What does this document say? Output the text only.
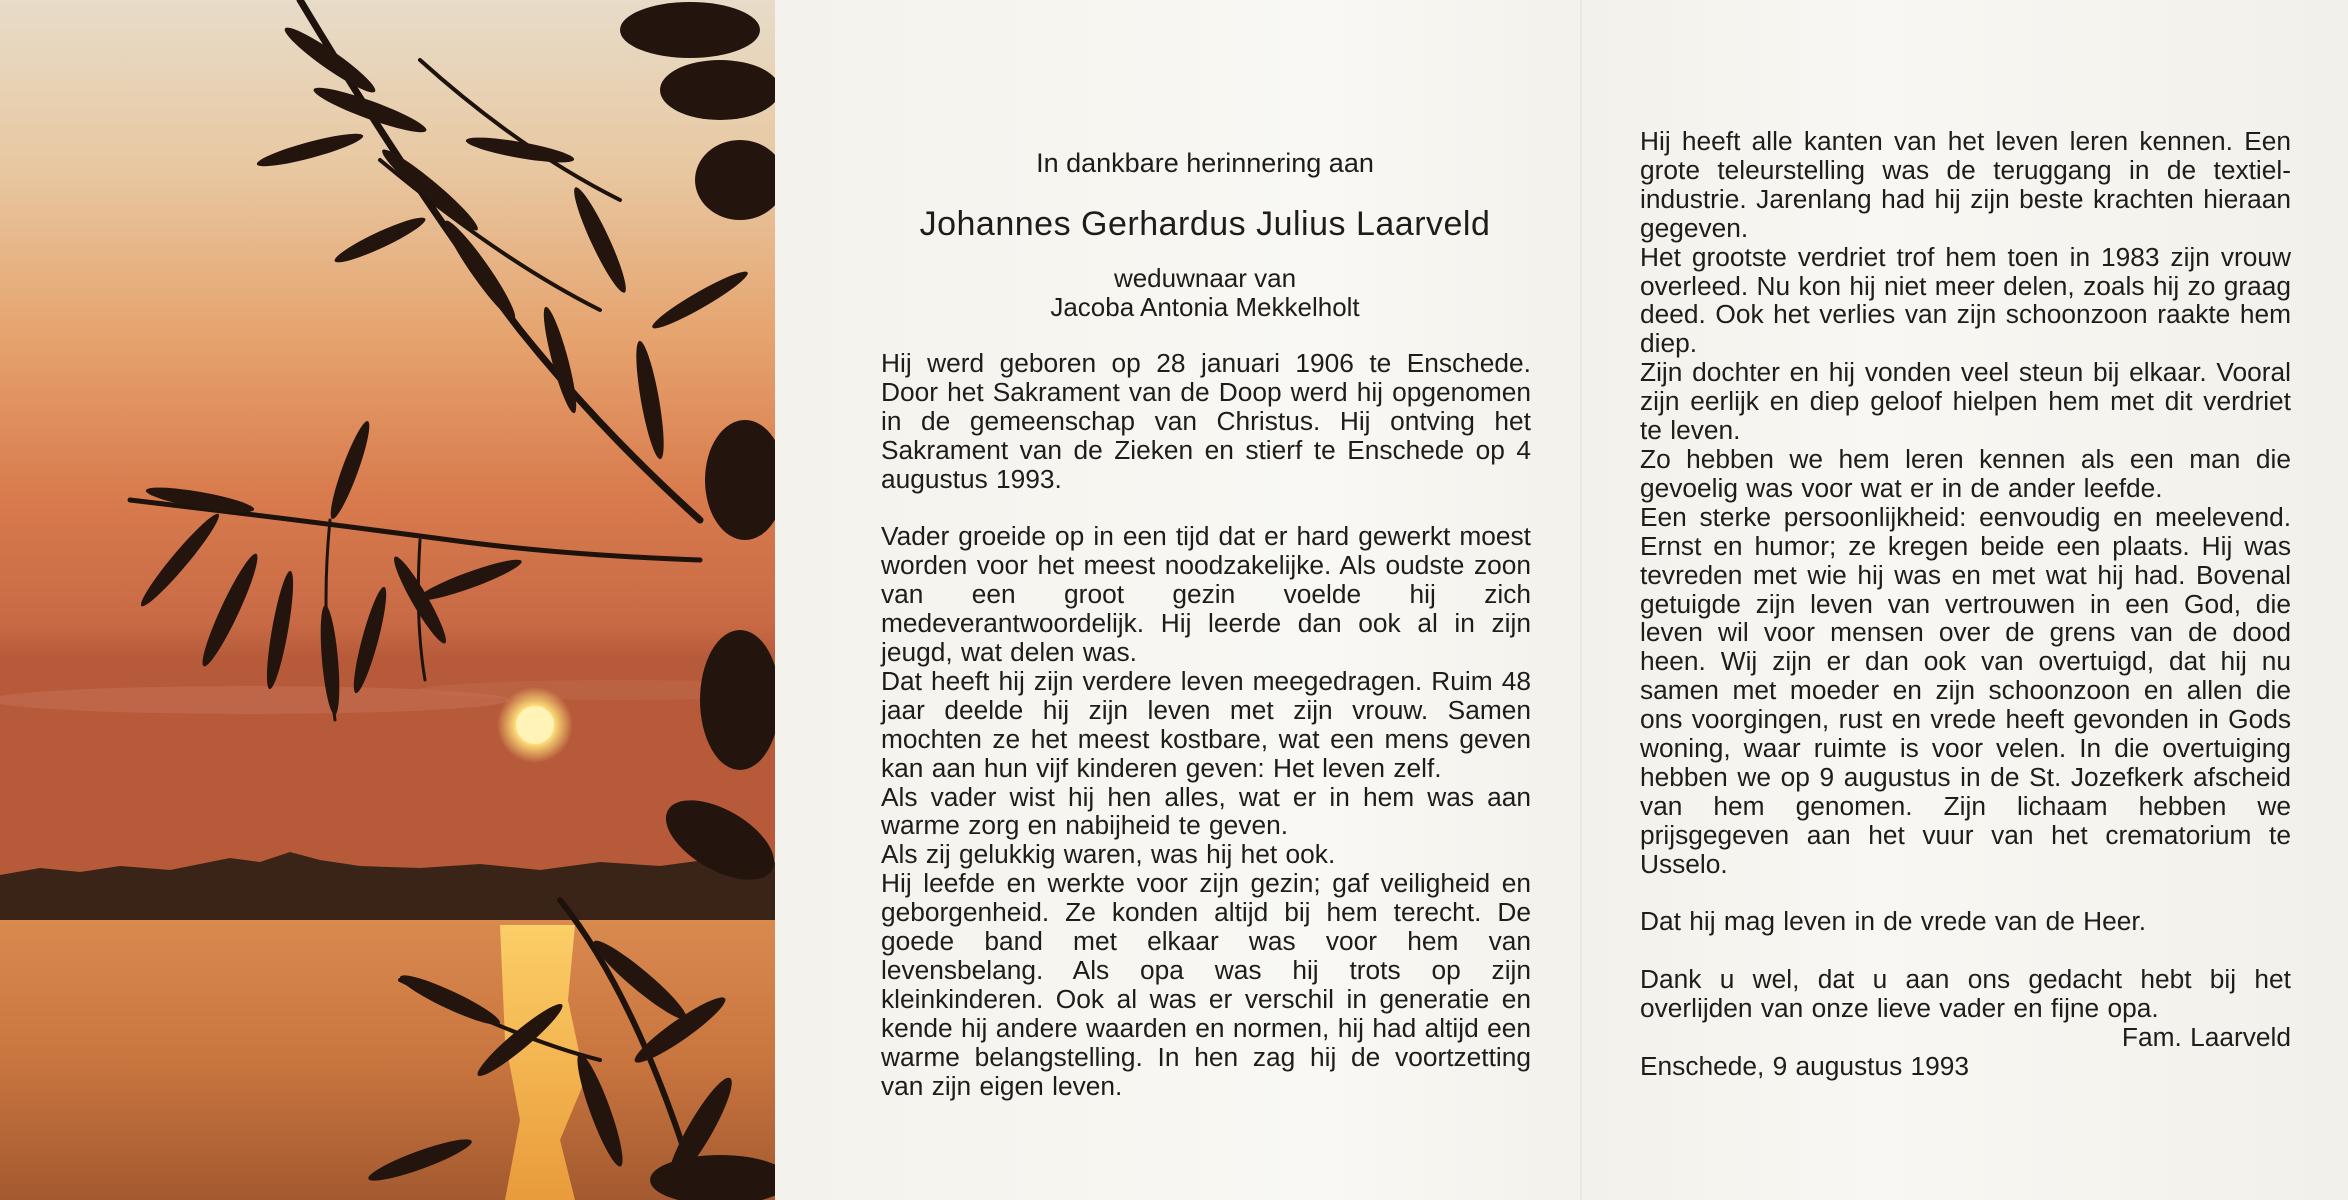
In dankbare herinnering aan
Johannes Gerhardus Julius Laarveld
weduwnaar van
Jacoba Antonia Mekkelholt

Hij werd geboren op 28 januari 1906 te Enschede. Door het Sakrament van de Doop werd hij opgenomen in de gemeenschap van Christus. Hij ontving het Sakrament van de Zieken en stierf te Enschede op 4 augustus 1993.

Vader groeide op in een tijd dat er hard gewerkt moest worden voor het meest noodzakelijke. Als oudste zoon van een groot gezin voelde hij zich medeverantwoordelijk. Hij leerde dan ook al in zijn jeugd, wat delen was.

Dat heeft hij zijn verdere leven meegedragen. Ruim 48 jaar deelde hij zijn leven met zijn vrouw. Samen mochten ze het meest kostbare, wat een mens geven kan aan hun vijf kinderen geven: Het leven zelf.

Als vader wist hij hen alles, wat er in hem was aan warme zorg en nabijheid te geven.

Als zij gelukkig waren, was hij het ook.

Hij leefde en werkte voor zijn gezin; gaf veiligheid en geborgenheid. Ze konden altijd bij hem terecht. De goede band met elkaar was voor hem van levensbelang. Als opa was hij trots op zijn kleinkinderen. Ook al was er verschil in generatie en kende hij andere waarden en normen, hij had altijd een warme belangstelling. In hen zag hij de voortzetting van zijn eigen leven.

Hij heeft alle kanten van het leven leren kennen. Een grote teleurstelling was de teruggang in de textiel-industrie. Jarenlang had hij zijn beste krachten hieraan gegeven.

Het grootste verdriet trof hem toen in 1983 zijn vrouw overleed. Nu kon hij niet meer delen, zoals hij zo graag deed. Ook het verlies van zijn schoonzoon raakte hem diep.

Zijn dochter en hij vonden veel steun bij elkaar. Vooral zijn eerlijk en diep geloof hielpen hem met dit verdriet te leven.

Zo hebben we hem leren kennen als een man die gevoelig was voor wat er in de ander leefde.

Een sterke persoonlijkheid: eenvoudig en meelevend. Ernst en humor; ze kregen beide een plaats. Hij was tevreden met wie hij was en met wat hij had. Bovenal getuigde zijn leven van vertrouwen in een God, die leven wil voor mensen over de grens van de dood heen. Wij zijn er dan ook van overtuigd, dat hij nu samen met moeder en zijn schoonzoon en allen die ons voorgingen, rust en vrede heeft gevonden in Gods woning, waar ruimte is voor velen. In die overtuiging hebben we op 9 augustus in de St. Jozefkerk afscheid van hem genomen. Zijn lichaam hebben we prijsgegeven aan het vuur van het crematorium te Usselo.

Dat hij mag leven in de vrede van de Heer.

Dank u wel, dat u aan ons gedacht hebt bij het overlijden van onze lieve vader en fijne opa.

Fam. Laarveld

Enschede, 9 augustus 1993
